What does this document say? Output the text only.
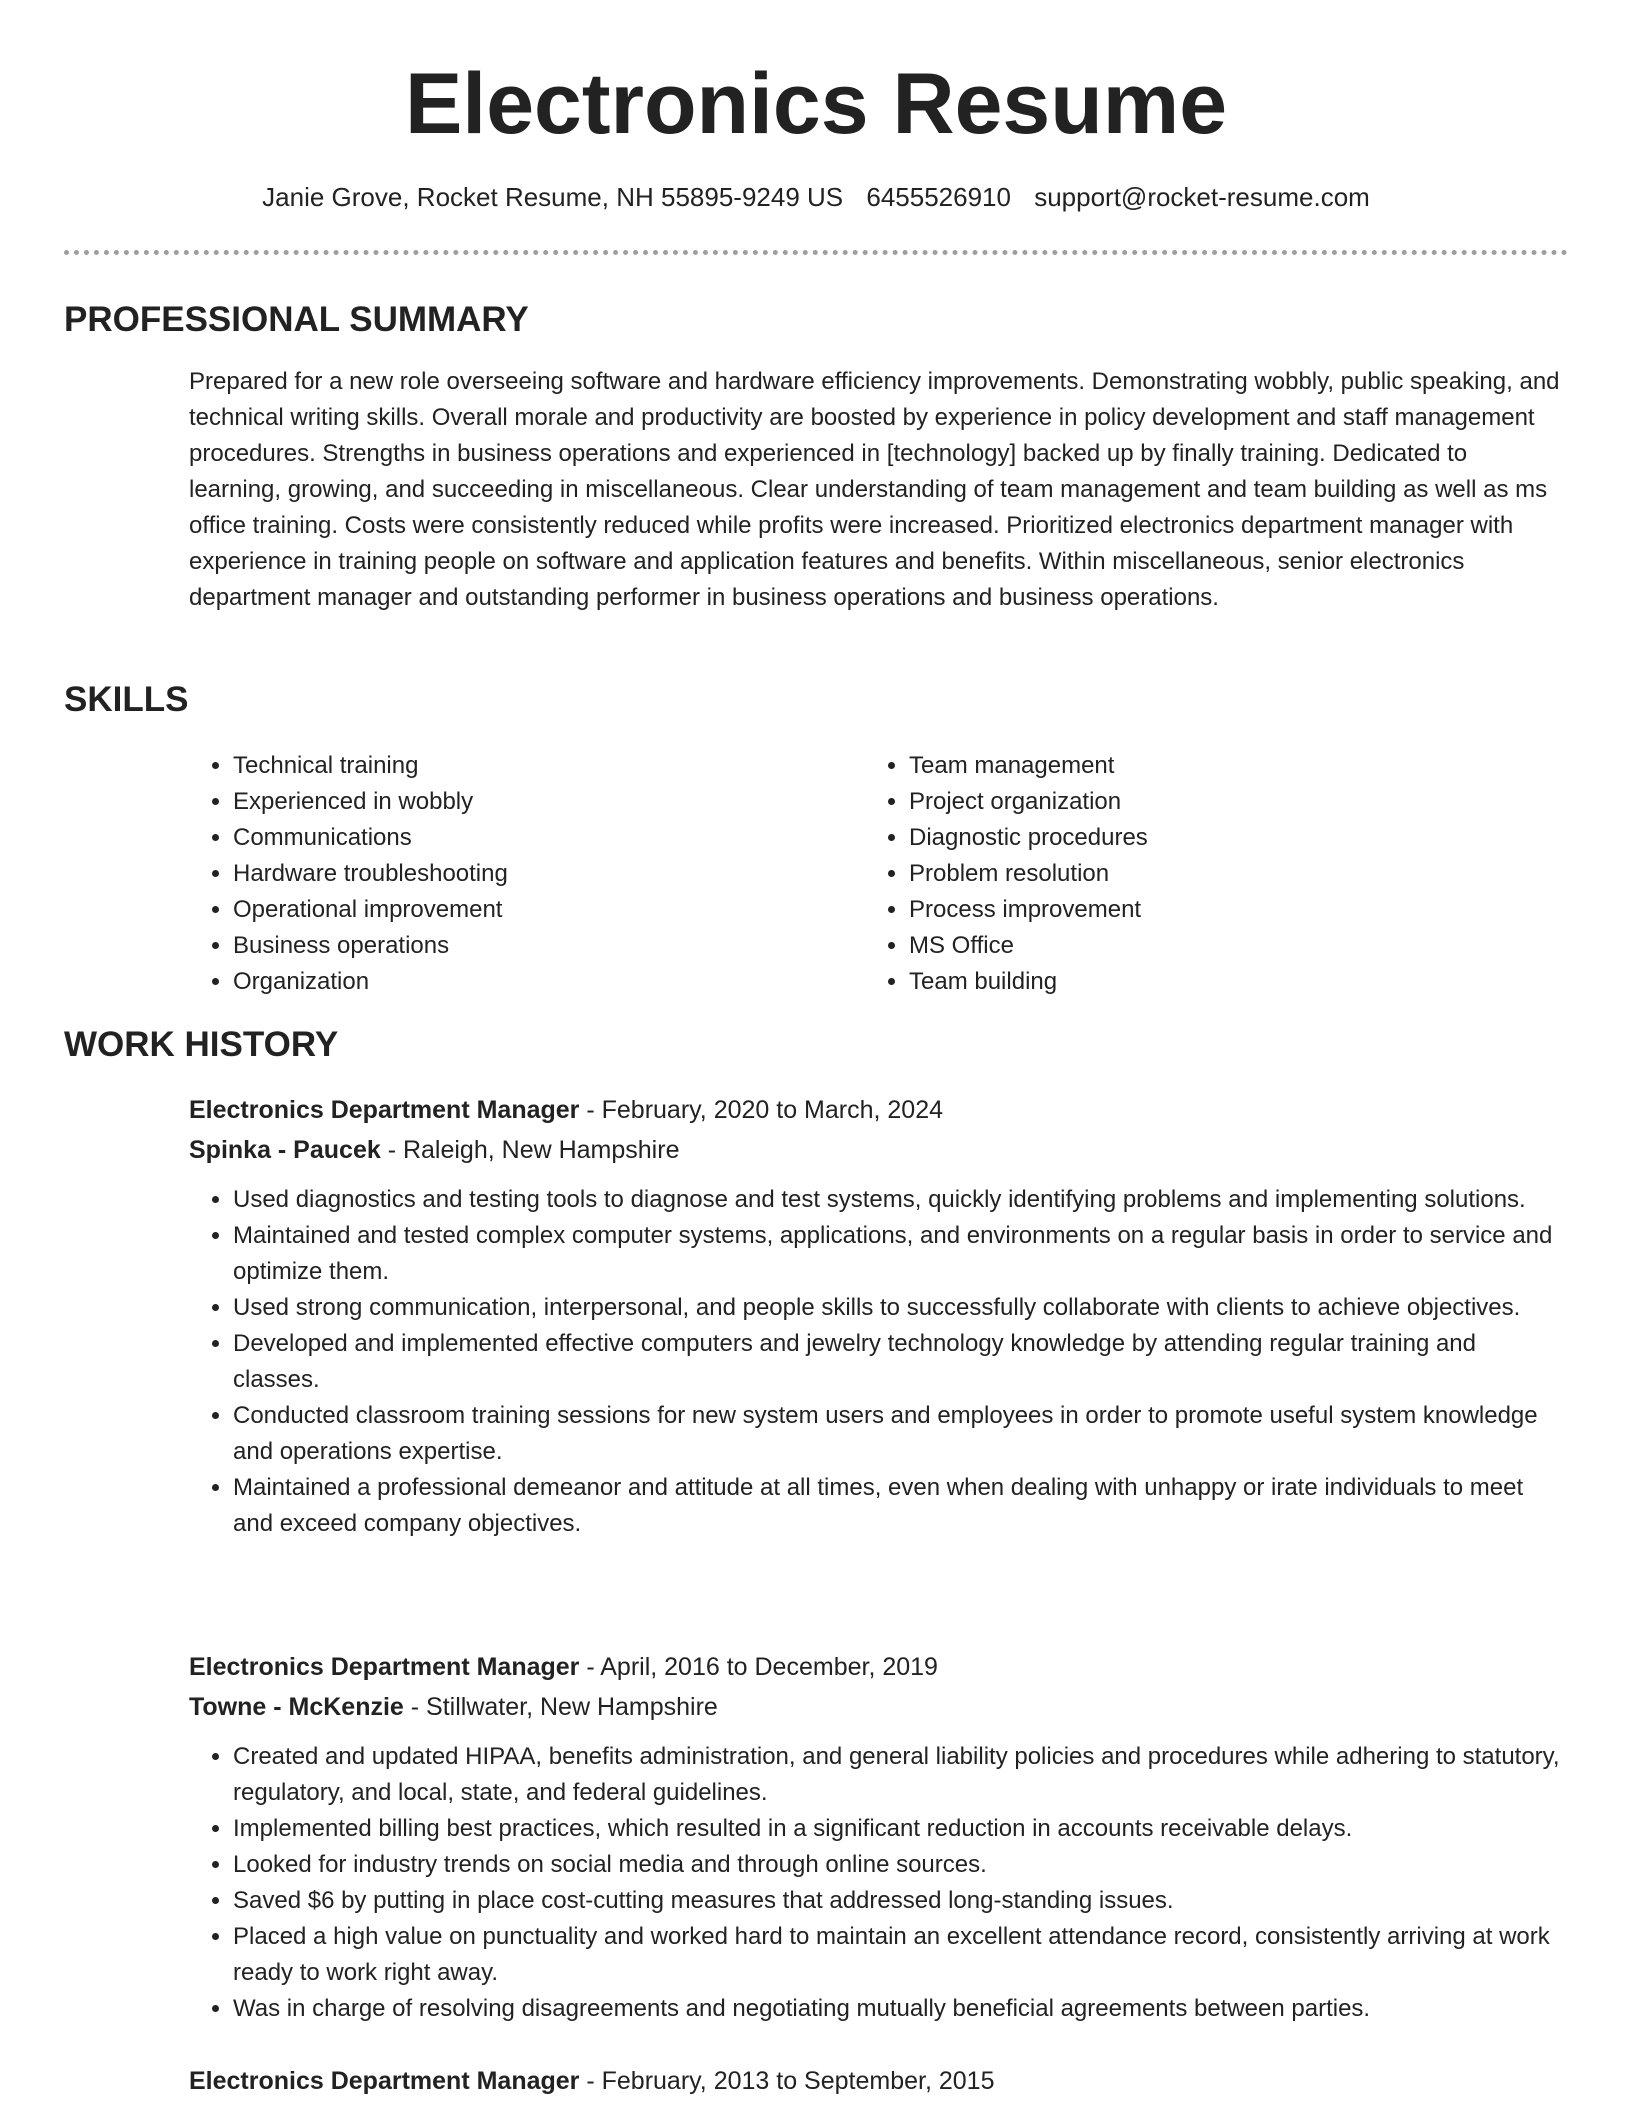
Electronics Resume
Janie Grove, Rocket Resume, NH 55895-9249 US 6455526910 support@rocket-resume.com
PROFESSIONAL SUMMARY

Prepared for a new role overseeing software and hardware efficiency improvements. Demonstrating wobbly, public speaking, and technical writing skills. Overall morale and productivity are boosted by experience in policy development and staff management procedures. Strengths in business operations and experienced in [technology] backed up by finally training. Dedicated to learning, growing, and succeeding in miscellaneous. Clear understanding of team management and team building as well as ms office training. Costs were consistently reduced while profits were increased. Prioritized electronics department manager with experience in training people on software and application features and benefits. Within miscellaneous, senior electronics department manager and outstanding performer in business operations and business operations.

SKILLS
• Technical training
• Experienced in wobbly
• Communications
• Hardware troubleshooting
• Operational improvement
• Business operations
• Organization
• Team management
• Project organization
• Diagnostic procedures
• Problem resolution
• Process improvement
• MS Office
• Team building
WORK HISTORY

Electronics Department Manager - February, 2020 to March, 2024

Spinka - Paucek - Raleigh, New Hampshire

• Used diagnostics and testing tools to diagnose and test systems, quickly identifying problems and implementing solutions.
• Maintained and tested complex computer systems, applications, and environments on a regular basis in order to service and optimize them.
• Used strong communication, interpersonal, and people skills to successfully collaborate with clients to achieve objectives.
• Developed and implemented effective computers and jewelry technology knowledge by attending regular training and classes.
• Conducted classroom training sessions for new system users and employees in order to promote useful system knowledge and operations expertise.
• Maintained a professional demeanor and attitude at all times, even when dealing with unhappy or irate individuals to meet and exceed company objectives.

Electronics Department Manager - April, 2016 to December, 2019

Towne - McKenzie - Stillwater, New Hampshire

• Created and updated HIPAA, benefits administration, and general liability policies and procedures while adhering to statutory, regulatory, and local, state, and federal guidelines.
• Implemented billing best practices, which resulted in a significant reduction in accounts receivable delays.
• Looked for industry trends on social media and through online sources.
• Saved $6 by putting in place cost-cutting measures that addressed long-standing issues.
• Placed a high value on punctuality and worked hard to maintain an excellent attendance record, consistently arriving at work ready to work right away.
• Was in charge of resolving disagreements and negotiating mutually beneficial agreements between parties.

Electronics Department Manager - February, 2013 to September, 2015
